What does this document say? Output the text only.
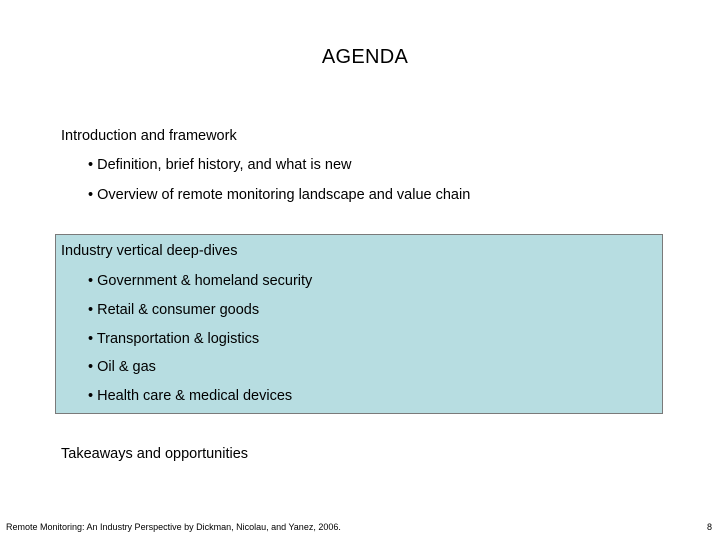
AGENDA
Introduction and framework
• Definition, brief history, and what is new
• Overview of remote monitoring landscape and value chain
Industry vertical deep-dives
• Government & homeland security
• Retail & consumer goods
• Transportation & logistics
• Oil & gas
• Health care & medical devices
Takeaways and opportunities
Remote Monitoring: An Industry Perspective by Dickman, Nicolau, and Yanez, 2006.	8
